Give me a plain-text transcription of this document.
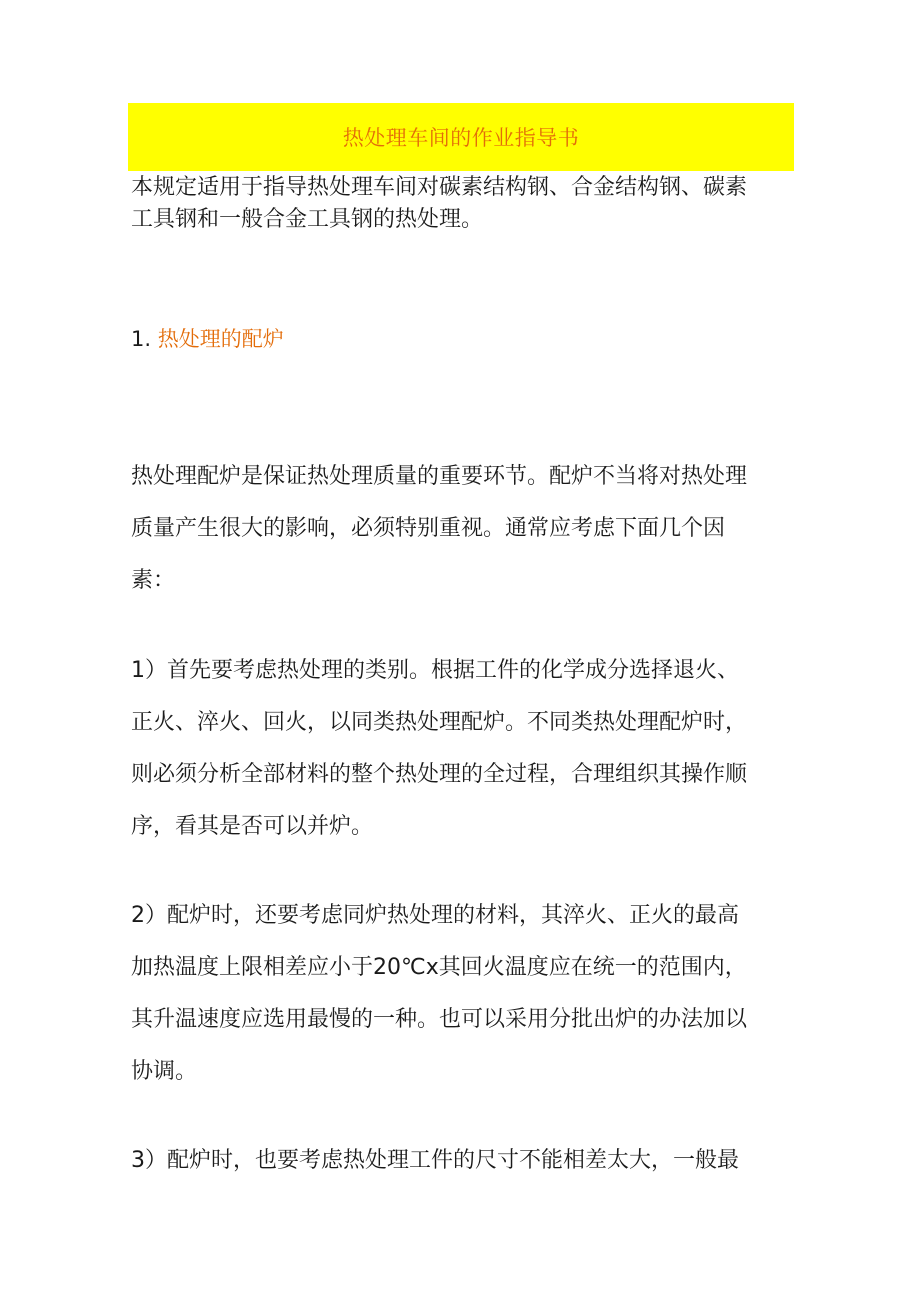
热处理车间的作业指导书

本规定适用于指导热处理车间对碳素结构钢、合金结构钢、碳素
工具钢和一般合金工具钢的热处理。

1. 热处理的配炉

热处理配炉是保证热处理质量的重要环节。配炉不当将对热处理
质量产生很大的影响，必须特别重视。通常应考虑下面几个因
素：

1）首先要考虑热处理的类别。根据工件的化学成分选择退火、
正火、淬火、回火，以同类热处理配炉。不同类热处理配炉时，
则必须分析全部材料的整个热处理的全过程，合理组织其操作顺
序，看其是否可以并炉。

2）配炉时，还要考虑同炉热处理的材料，其淬火、正火的最高
加热温度上限相差应小于20℃x其回火温度应在统一的范围内，
其升温速度应选用最慢的一种。也可以采用分批出炉的办法加以
协调。

3）配炉时，也要考虑热处理工件的尺寸不能相差太大，一般最
